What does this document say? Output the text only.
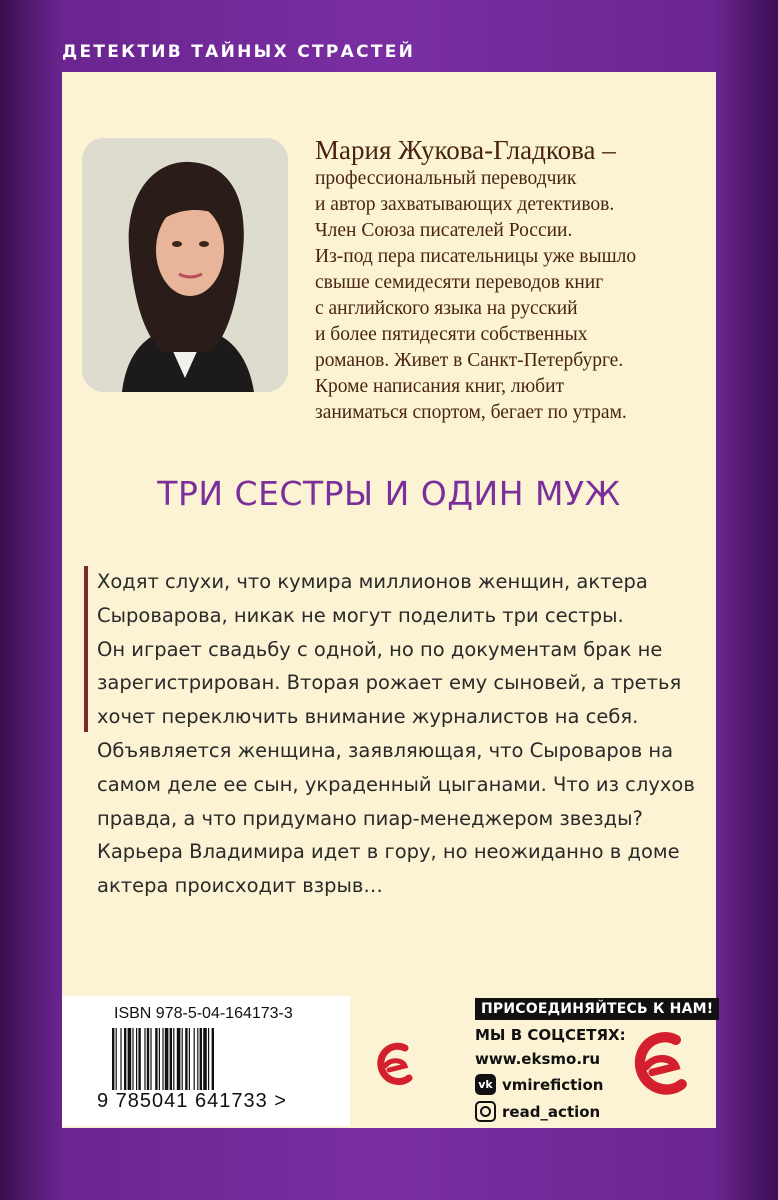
ДЕТЕКТИВ ТАЙНЫХ СТРАСТЕЙ
Мария Жукова-Гладкова –
профессиональный переводчик
и автор захватывающих детективов.
Член Союза писателей России.
Из-под пера писательницы уже вышло
свыше семидесяти переводов книг
с английского языка на русский
и более пятидесяти собственных
романов. Живет в Санкт-Петербурге.
Кроме написания книг, любит
заниматься спортом, бегает по утрам.
ТРИ СЕСТРЫ И ОДИН МУЖ
Ходят слухи, что кумира миллионов женщин, актера
Сыроварова, никак не могут поделить три сестры.
Он играет свадьбу с одной, но по документам брак не
зарегистрирован. Вторая рожает ему сыновей, а третья
хочет переключить внимание журналистов на себя.
Объявляется женщина, заявляющая, что Сыроваров на
самом деле ее сын, украденный цыганами. Что из слухов
правда, а что придумано пиар-менеджером звезды?
Карьера Владимира идет в гору, но неожиданно в доме
актера происходит взрыв…
ISBN 978-5-04-164173-3
9 785041 641733 >
ПРИСОЕДИНЯЙТЕСЬ К НАМ!
МЫ В СОЦСЕТЯХ:
www.eksmo.ru
vk vmirefiction
read_action
